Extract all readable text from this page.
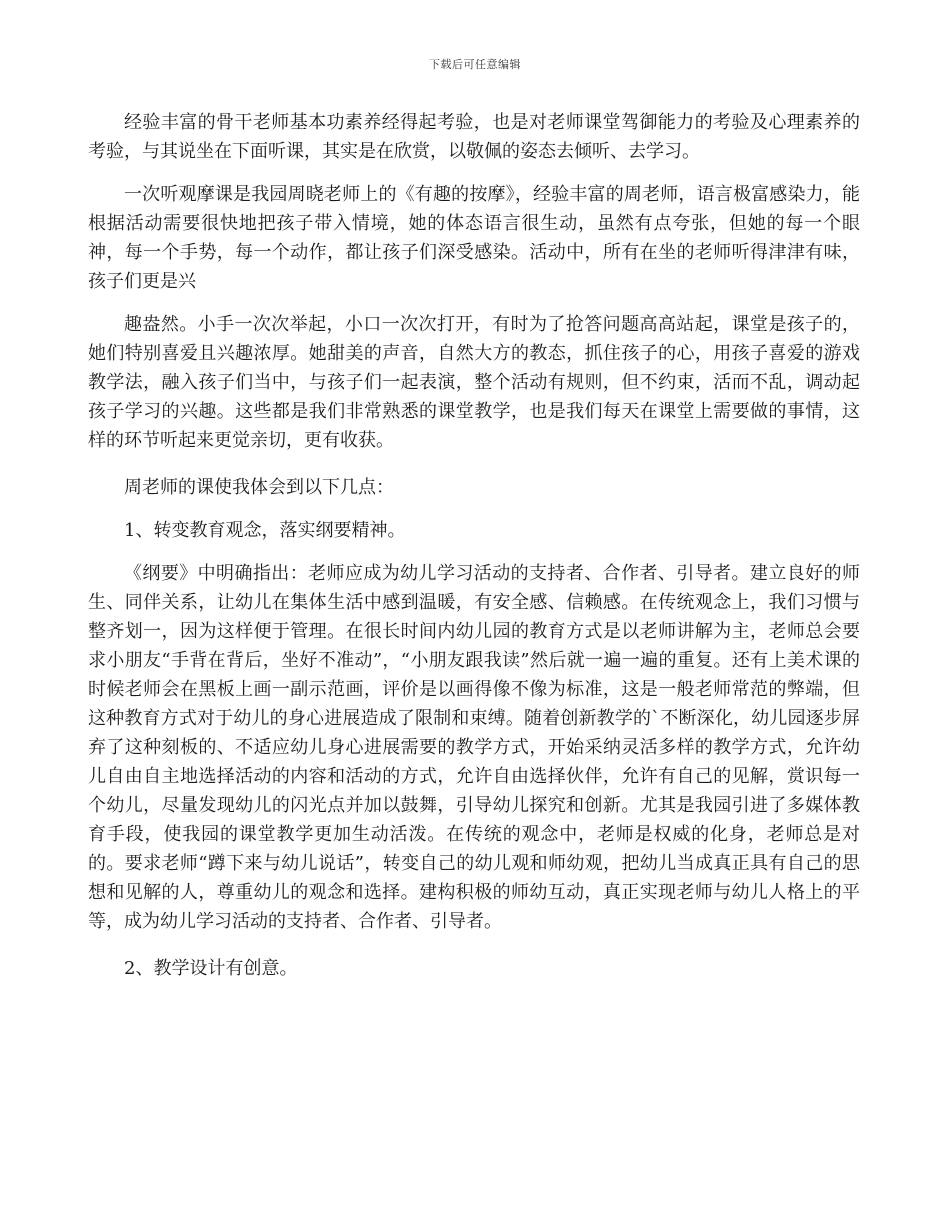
下载后可任意编辑

经验丰富的骨干老师基本功素养经得起考验，也是对老师课堂驾御能力的考验及心理素养的考验，与其说坐在下面听课，其实是在欣赏，以敬佩的姿态去倾听、去学习。

一次听观摩课是我园周晓老师上的《有趣的按摩》，经验丰富的周老师，语言极富感染力，能根据活动需要很快地把孩子带入情境，她的体态语言很生动，虽然有点夸张，但她的每一个眼神，每一个手势，每一个动作，都让孩子们深受感染。活动中，所有在坐的老师听得津津有味，孩子们更是兴

趣盎然。小手一次次举起，小口一次次打开，有时为了抢答问题高高站起，课堂是孩子的，她们特别喜爱且兴趣浓厚。她甜美的声音，自然大方的教态，抓住孩子的心，用孩子喜爱的游戏教学法，融入孩子们当中，与孩子们一起表演，整个活动有规则，但不约束，活而不乱，调动起孩子学习的兴趣。这些都是我们非常熟悉的课堂教学，也是我们每天在课堂上需要做的事情，这样的环节听起来更觉亲切，更有收获。

周老师的课使我体会到以下几点：

1、转变教育观念，落实纲要精神。

《纲要》中明确指出：老师应成为幼儿学习活动的支持者、合作者、引导者。建立良好的师生、同伴关系，让幼儿在集体生活中感到温暖，有安全感、信赖感。在传统观念上，我们习惯与整齐划一，因为这样便于管理。在很长时间内幼儿园的教育方式是以老师讲解为主，老师总会要求小朋友“手背在背后，坐好不准动”，“小朋友跟我读”然后就一遍一遍的重复。还有上美术课的时候老师会在黑板上画一副示范画，评价是以画得像不像为标准，这是一般老师常范的弊端，但这种教育方式对于幼儿的身心进展造成了限制和束缚。随着创新教学的`不断深化，幼儿园逐步屏弃了这种刻板的、不适应幼儿身心进展需要的教学方式，开始采纳灵活多样的教学方式，允许幼儿自由自主地选择活动的内容和活动的方式，允许自由选择伙伴，允许有自己的见解，赏识每一个幼儿，尽量发现幼儿的闪光点并加以鼓舞，引导幼儿探究和创新。尤其是我园引进了多媒体教育手段，使我园的课堂教学更加生动活泼。在传统的观念中，老师是权威的化身，老师总是对的。要求老师“蹲下来与幼儿说话”，转变自己的幼儿观和师幼观，把幼儿当成真正具有自己的思想和见解的人，尊重幼儿的观念和选择。建构积极的师幼互动，真正实现老师与幼儿人格上的平等，成为幼儿学习活动的支持者、合作者、引导者。

2、教学设计有创意。
